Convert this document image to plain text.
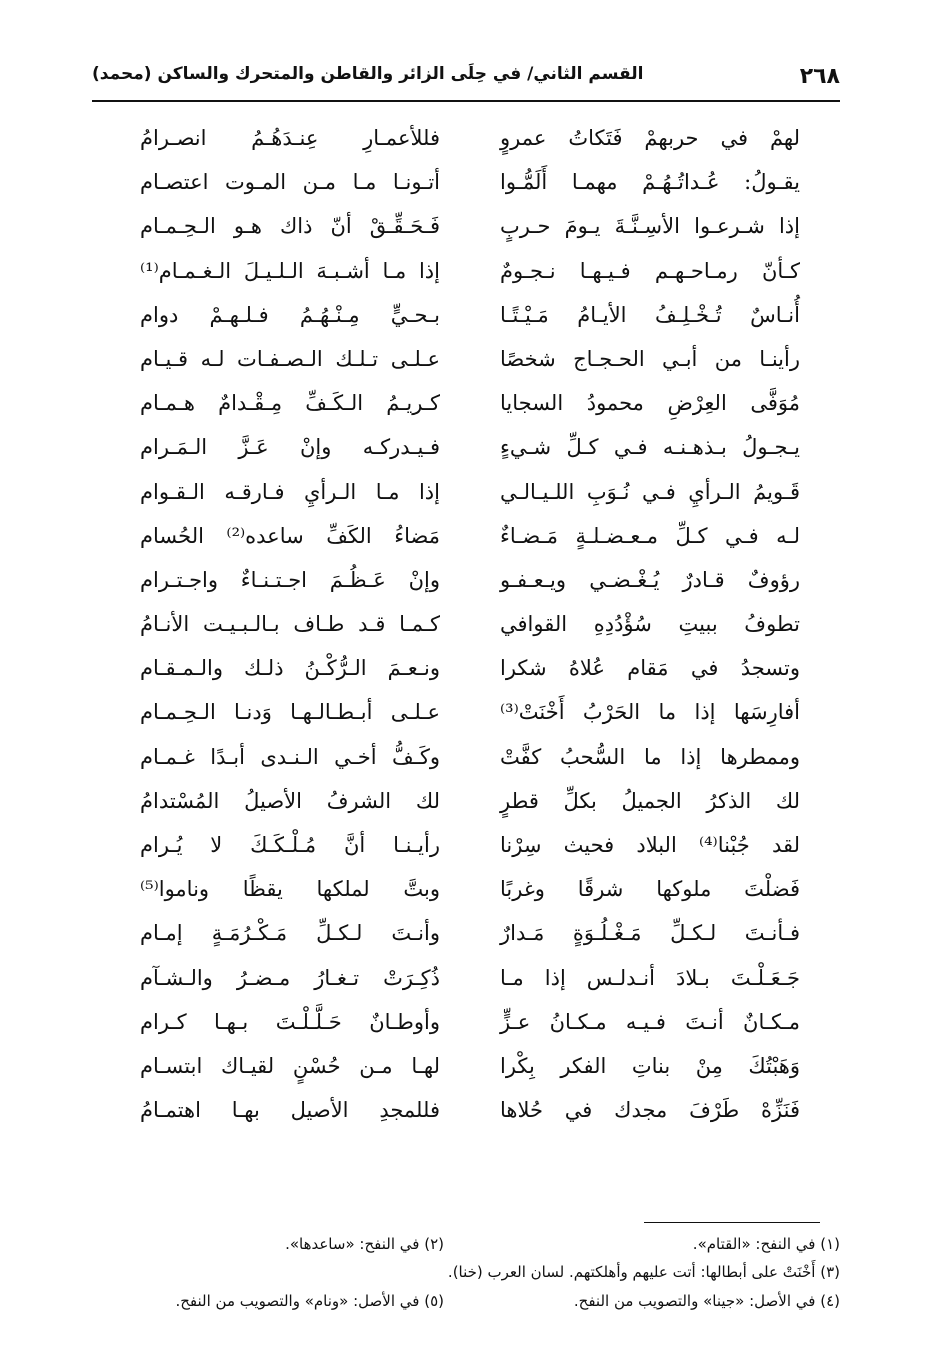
٢٦٨
القسم الثاني/ في حِلَى الزائر والقاطن والمتحرك والساكن (محمد)
لهمْ في حربهمْ فَتَكاتُ عمروٍ
فللأعمـارِ عِنـدَهُـمُ انصـرامُ
يقـولُ: عُـداتُـهُـمْ مهمـا أَلَمُّـوا
أتـونـا مـا مـن المـوت اعتصـام
إذا شـرعـوا الأسِـنَّـةَ يـومَ حـربٍ
فَـحَـقِّـقْ أنّ ذاك هـو الـحِـمـام
كـأنّ رمـاحـهـم فـيـهـا نـجـومٌ
إذا مـا أشـبـهَ الـلـيـلَ الـغـمـام⁽¹⁾
أُنـاسٌ تُـخْـلِـفُ الأيـامُ مَـيْـتًـا
بـحـيٍّ مِـنْـهُـمُ فـلـهـمْ دوام
رأينـا من أبـي الحـجـاج شخصًا
عـلـى تـلـك الـصـفـات لـه قـيـام
مُوَفَّى العِرْضِ محمودُ السجايا
كـريـمُ الـكَـفِّ مِـقْـدامٌ هـمـام
يـجـولُ بـذهـنـه فـي كـلِّ شـيءٍ
فـيـدركـه وإنْ عَـزَّ الـمَـرام
قَـويمُ الـرأيِ فـي نُـوَبِ اللـيـالـي
إذا مـا الـرأيِ فـارقـه الـقـوام
لـه فـي كـلِّ مـعـضـلـةٍ مَـضـاءٌ
مَضاءُ الكَفِّ ساعده⁽²⁾ الحُسام
رؤوفٌ قـادرٌ يُـغْـضـي ويـعـفـو
وإنْ عَـظُـمَ اجـتـنـاءٌ واجـتـرام
تطوفُ ببيتِ سُؤْدُدِهِ القوافي
كـمـا قـد طـاف بـالـبـيـت الأنـامُ
وتسجدُ في مَقام عُلاهُ شكرا
ونـعـمَ الـرُّكْـنُ ذلـك والـمـقـام
أفارِسَها إذا ما الحَرْبُ أَخْنَتْ⁽³⁾
عـلـى أبـطـالـهـا وَدنـا الـحِـمـام
وممطرها إذا ما السُّحبُ كفَّتْ
وكَـفُّ أخـي الـنـدى أبـدًا غـمـام
لك الذكرُ الجميلُ بكلِّ قطرٍ
لك الشرفُ الأصيلُ المُسْتدامُ
لقد جُبْنا⁽⁴⁾ البلاد فحيث سِرْنا
رأيـنـا أنَّ مُـلْـكَـكَ لا يُـرام
فَضلْتَ ملوكها شرقًا وغربًا
وبتَّ لملكها يقظًا وناموا⁽⁵⁾
فـأنـتَ لـكـلِّ مَـغْـلُـوَةٍ مَـدارٌ
وأنـتَ لـكـلِّ مَـكْـرُمَـةٍ إمـام
جَـعَـلْـتَ بـلادَ أنـدلـس إذا مـا
ذُكِـرَتْ تـغـارُ مـضـرُ والـشـآم
مـكـانٌ أنـتَ فـيـه مـكـانُ عـزٍّ
وأوطـانٌ حَـلَّـلْـتَ بـهـا كـرام
وَهَبْتُكَ مِنْ بناتِ الفكر بِكْرا
لهـا مـن حُسْنٍ لقيـاك ابتسـام
فَنَزِّهْ طَرْفَ مجدك في حُلاها
فللمجدِ الأصيل بهـا اهتمـامُ
(١) في النفح: «القتام».
(٢) في النفح: «ساعدها».
(٣) أَخْنَتْ على أبطالها: أتت عليهم وأهلكتهم. لسان العرب (خنا).
(٤) في الأصل: «جينا» والتصويب من النفح.
(٥) في الأصل: «ونام» والتصويب من النفح.
